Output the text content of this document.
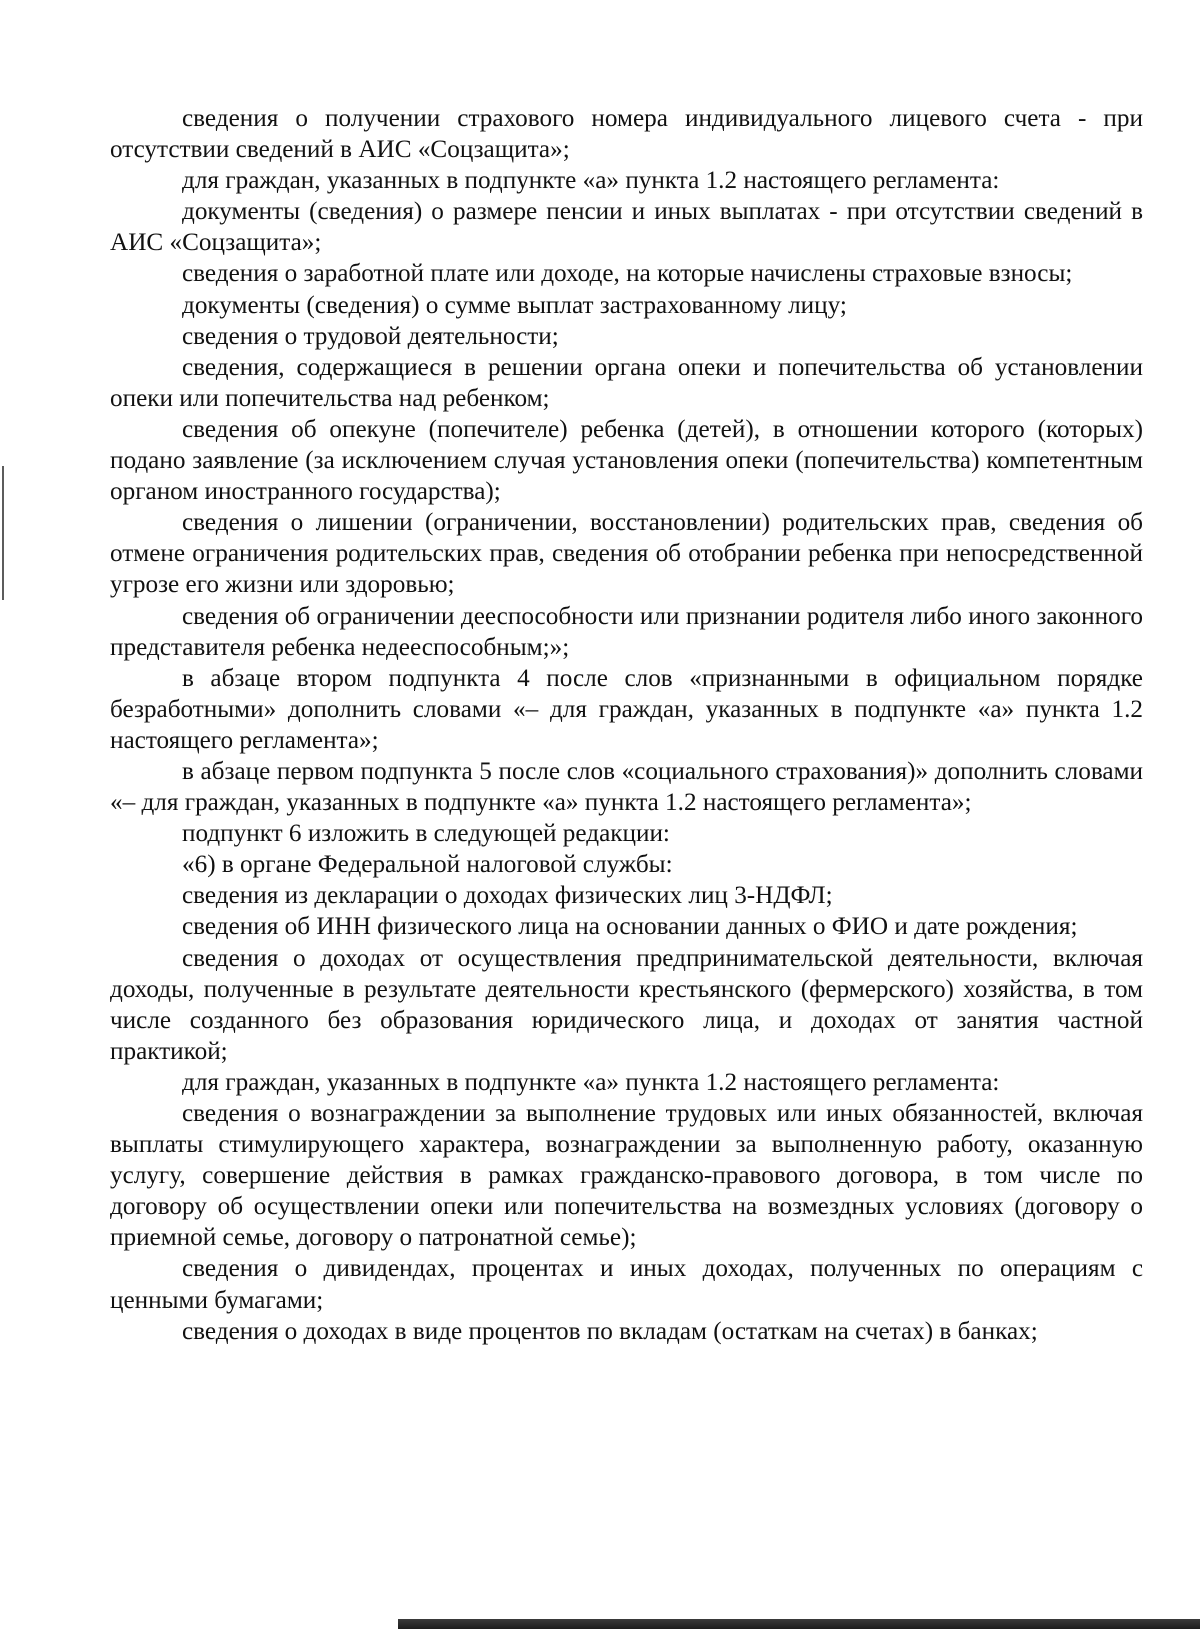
сведения о получении страхового номера индивидуального лицевого счета - при отсутствии сведений в АИС «Соцзащита»;

для граждан, указанных в подпункте «а» пункта 1.2 настоящего регламента:

документы (сведения) о размере пенсии и иных выплатах - при отсутствии сведений в АИС «Соцзащита»;

сведения о заработной плате или доходе, на которые начислены страховые взносы;

документы (сведения) о сумме выплат застрахованному лицу;

сведения о трудовой деятельности;

сведения, содержащиеся в решении органа опеки и попечительства об установлении опеки или попечительства над ребенком;

сведения об опекуне (попечителе) ребенка (детей), в отношении которого (которых) подано заявление (за исключением случая установления опеки (попечительства) компетентным органом иностранного государства);

сведения о лишении (ограничении, восстановлении) родительских прав, сведения об отмене ограничения родительских прав, сведения об отобрании ребенка при непосредственной угрозе его жизни или здоровью;

сведения об ограничении дееспособности или признании родителя либо иного законного представителя ребенка недееспособным;»;

в абзаце втором подпункта 4 после слов «признанными в официальном порядке безработными» дополнить словами «– для граждан, указанных в подпункте «а» пункта 1.2 настоящего регламента»;

в абзаце первом подпункта 5 после слов «социального страхования)» дополнить словами «– для граждан, указанных в подпункте «а» пункта 1.2 настоящего регламента»;

подпункт 6 изложить в следующей редакции:

«6) в органе Федеральной налоговой службы:

сведения из декларации о доходах физических лиц 3-НДФЛ;

сведения об ИНН физического лица на основании данных о ФИО и дате рождения;

сведения о доходах от осуществления предпринимательской деятельности, включая доходы, полученные в результате деятельности крестьянского (фермерского) хозяйства, в том числе созданного без образования юридического лица, и доходах от занятия частной практикой;

для граждан, указанных в подпункте «а» пункта 1.2 настоящего регламента:

сведения о вознаграждении за выполнение трудовых или иных обязанностей, включая выплаты стимулирующего характера, вознаграждении за выполненную работу, оказанную услугу, совершение действия в рамках гражданско-правового договора, в том числе по договору об осуществлении опеки или попечительства на возмездных условиях (договору о приемной семье, договору о патронатной семье);

сведения о дивидендах, процентах и иных доходах, полученных по операциям с ценными бумагами;

сведения о доходах в виде процентов по вкладам (остаткам на счетах) в банках;
